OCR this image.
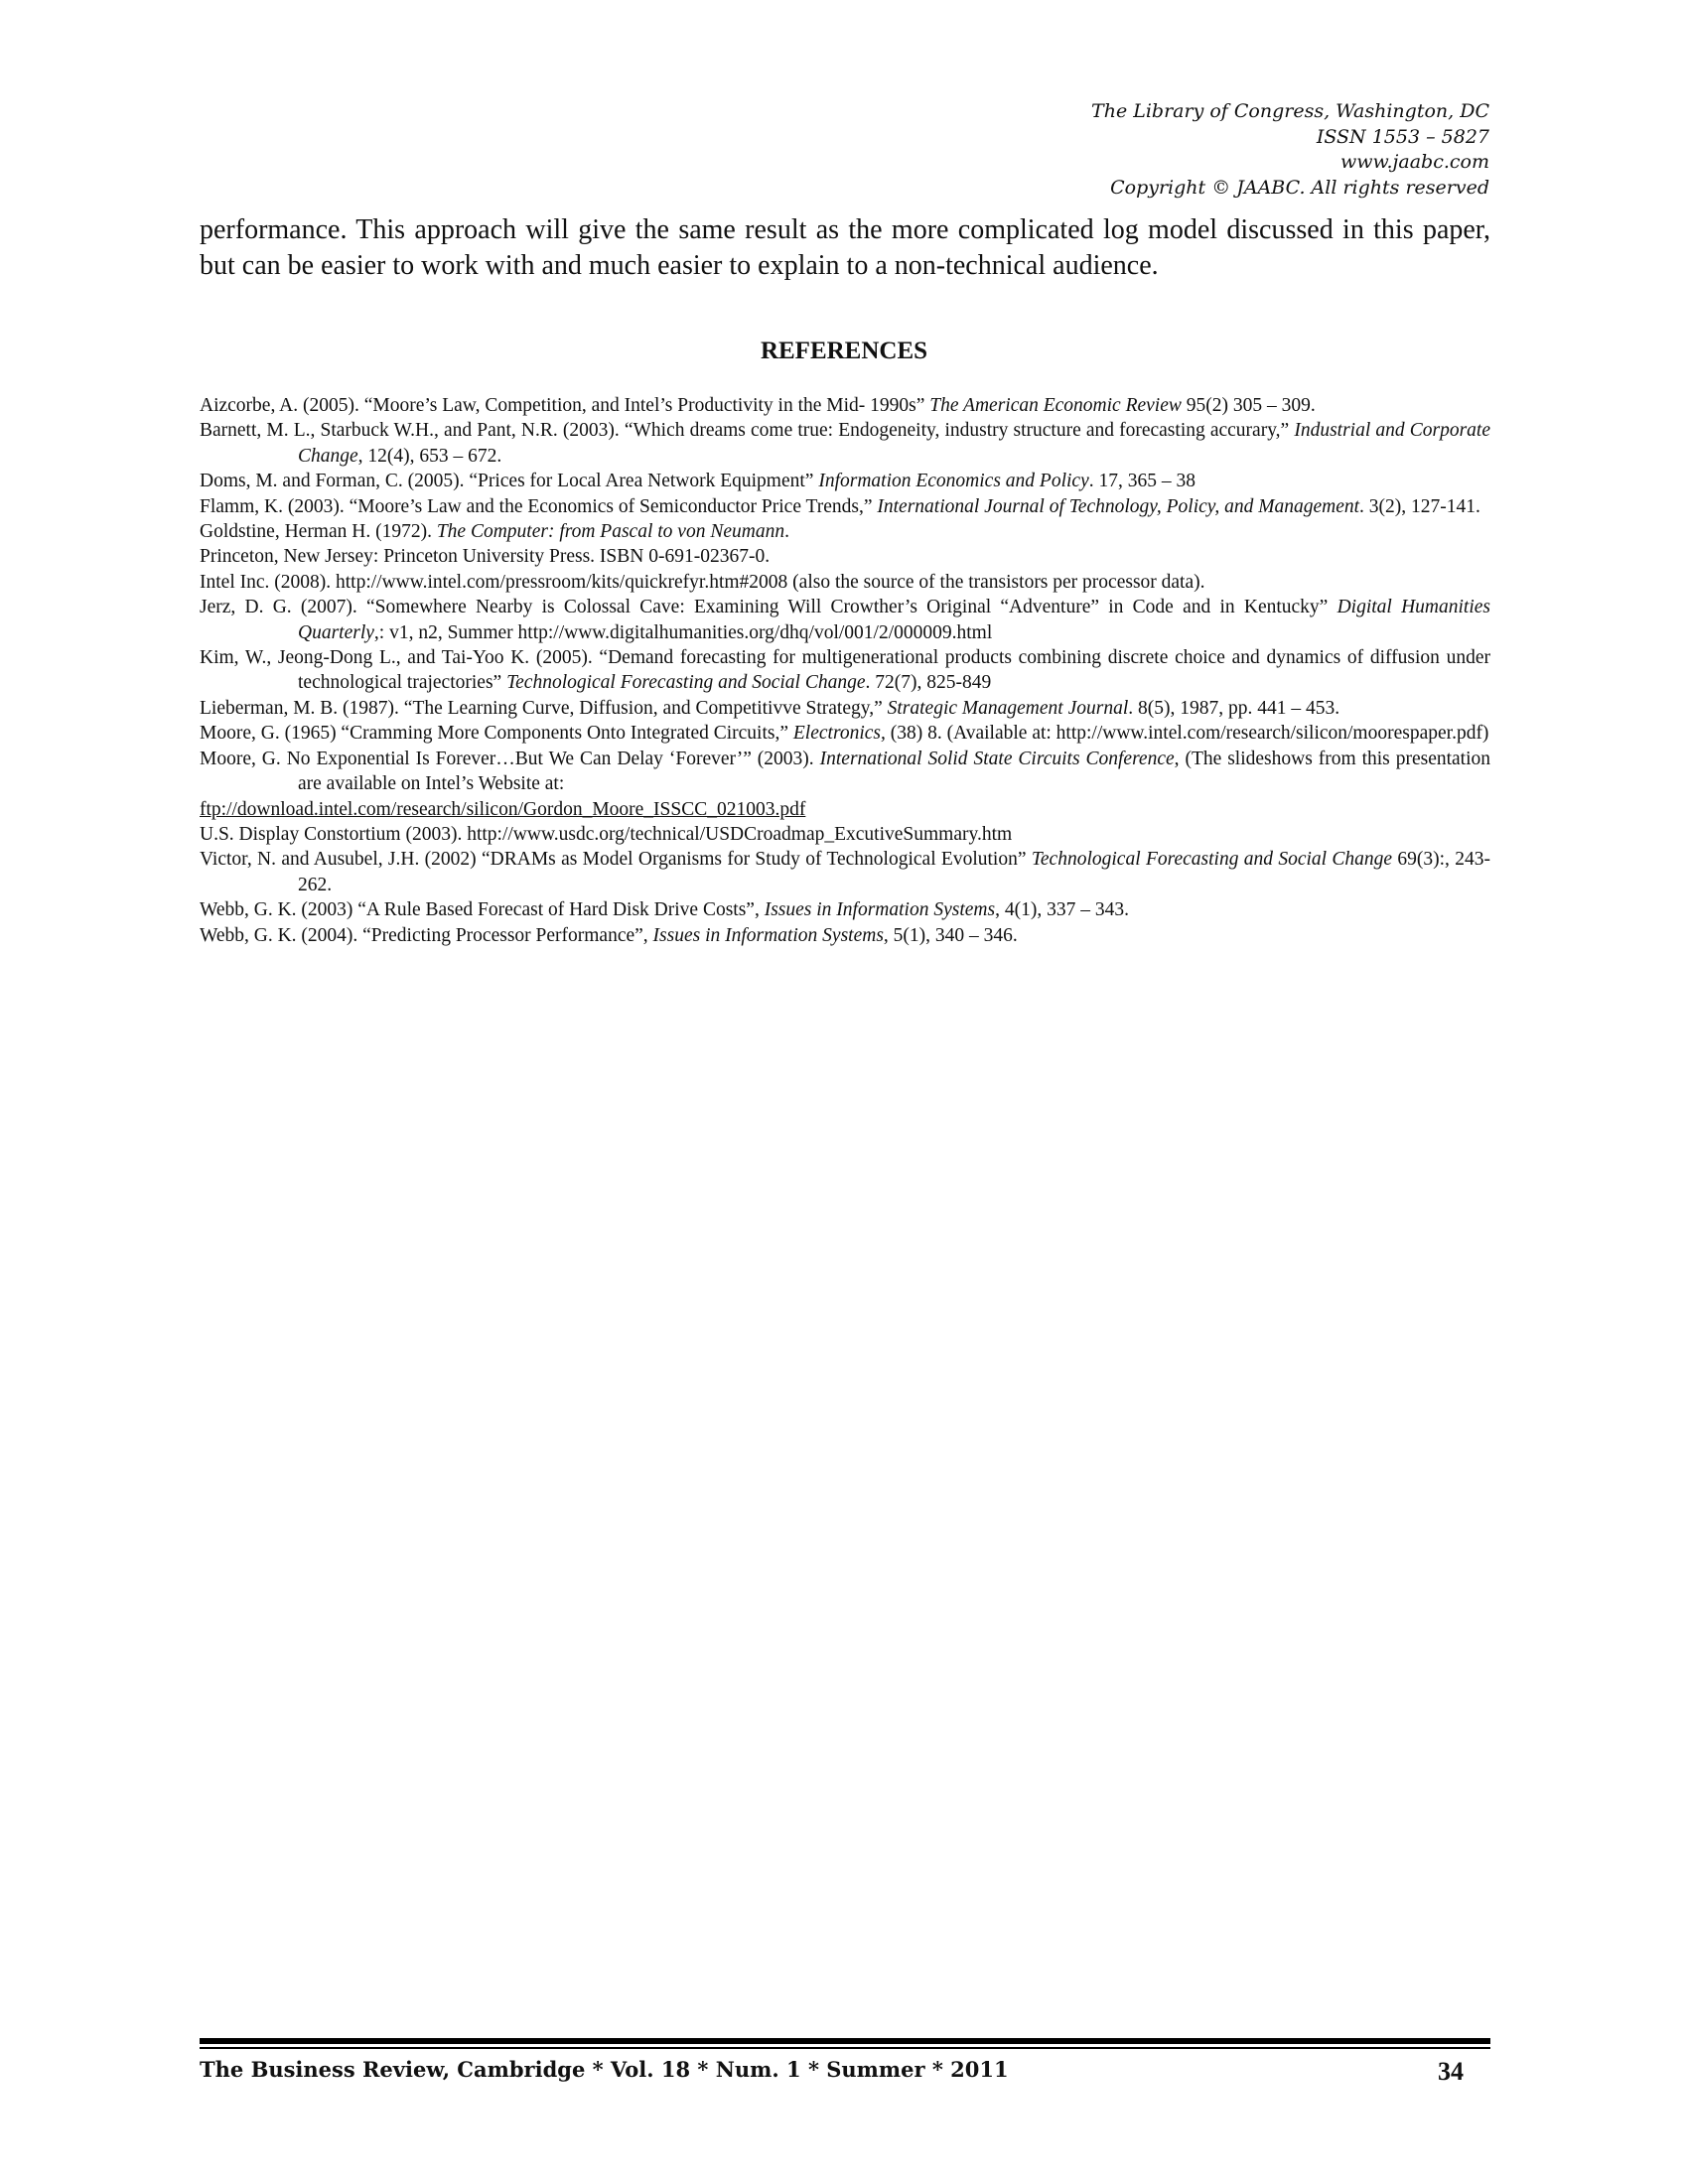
The Library of Congress, Washington, DC
ISSN 1553 – 5827
www.jaabc.com
Copyright © JAABC. All rights reserved

performance. This approach will give the same result as the more complicated log model discussed in this paper, but can be easier to work with and much easier to explain to a non-technical audience.

REFERENCES
Aizcorbe, A. (2005). “Moore’s Law, Competition, and Intel’s Productivity in the Mid- 1990s” The American Economic Review 95(2) 305 – 309.
Barnett, M. L., Starbuck W.H., and Pant, N.R. (2003). “Which dreams come true: Endogeneity, industry structure and forecasting accurary,” Industrial and Corporate Change, 12(4), 653 – 672.
Doms, M. and Forman, C. (2005). “Prices for Local Area Network Equipment” Information Economics and Policy. 17, 365 – 38
Flamm, K. (2003). “Moore’s Law and the Economics of Semiconductor Price Trends,” International Journal of Technology, Policy, and Management. 3(2), 127-141.
Goldstine, Herman H. (1972). The Computer: from Pascal to von Neumann.
Princeton, New Jersey: Princeton University Press. ISBN 0-691-02367-0.
Intel Inc. (2008). http://www.intel.com/pressroom/kits/quickrefyr.htm#2008 (also the source of the transistors per processor data).
Jerz, D. G. (2007). “Somewhere Nearby is Colossal Cave: Examining Will Crowther’s Original “Adventure” in Code and in Kentucky” Digital Humanities Quarterly,: v1, n2, Summer http://www.digitalhumanities.org/dhq/vol/001/2/000009.html
Kim, W., Jeong-Dong L., and Tai-Yoo K. (2005). “Demand forecasting for multigenerational products combining discrete choice and dynamics of diffusion under technological trajectories” Technological Forecasting and Social Change. 72(7), 825-849
Lieberman, M. B. (1987). “The Learning Curve, Diffusion, and Competitivve Strategy,” Strategic Management Journal. 8(5), 1987, pp. 441 – 453.
Moore, G. (1965) “Cramming More Components Onto Integrated Circuits,” Electronics, (38) 8. (Available at: http://www.intel.com/research/silicon/moorespaper.pdf)
Moore, G. No Exponential Is Forever…But We Can Delay ‘Forever’” (2003). International Solid State Circuits Conference, (The slideshows from this presentation are available on Intel’s Website at:
ftp://download.intel.com/research/silicon/Gordon_Moore_ISSCC_021003.pdf
U.S. Display Constortium (2003). http://www.usdc.org/technical/USDCroadmap_ExcutiveSummary.htm
Victor, N. and Ausubel, J.H. (2002) “DRAMs as Model Organisms for Study of Technological Evolution” Technological Forecasting and Social Change 69(3):, 243-262.
Webb, G. K. (2003) “A Rule Based Forecast of Hard Disk Drive Costs”, Issues in Information Systems, 4(1), 337 – 343.
Webb, G. K. (2004). “Predicting Processor Performance”, Issues in Information Systems, 5(1), 340 – 346.
The Business Review, Cambridge * Vol. 18 * Num. 1 * Summer * 2011	34
